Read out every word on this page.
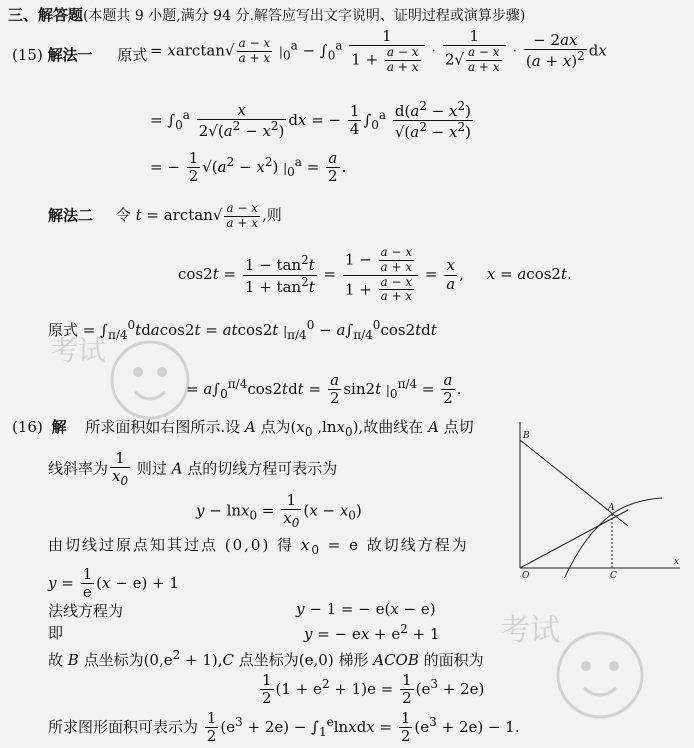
考试
考试
三、解答题(本题共 9 小题,满分 94 分.解答应写出文字说明、证明过程或演算步骤)
(15) 解法一 原式 = $xarctan√ \frac{a - x}{a + x} |_0^a - \int_0^a \frac{1}{1 + \frac{a - x}{a + x}} \cdot \frac{1}{2√ \frac{a - x}{a + x}} \cdot \frac{- 2ax}{(a + x)^2}$ dx
= $\int_0^a \frac{x}{2√(a^2 - x^2)}$ dx = − $\frac{1}{4} \int_0^a \frac{d(a^2 - x^2)}{√(a^2 - x^2)}$
= − $\frac{1}{2} √(a^2 - x^2) |_0^a = \frac{a}{2}$ .
解法二 令 $t = \arctan√ \frac{a - x}{a + x}$ ,则
$\cos 2t = \frac{1 - \tan^2t}{1 + \tan^2t} = \frac{1 - \frac{a - x}{a + x}}{1 + \frac{a - x}{a + x}} = \frac{x}{a}$ , x = acos2t.
原式 = $\int_{\pi/4}^0tdacos2t = atcos2t$ $|_{\pi/4}^0 - a\int_{\pi/4}^0\cos 2tdt$
= $a\int_0^{\pi/4}\cos 2tdt = \frac{a}{2} \sin 2t$ $|_0^{\pi/4} = \frac{a}{2}$ .
(16) 解 所求面积如右图所示.设 A 点为($x_0$ ,lnx$_0$),故曲线在 A 点切
线斜率为 $\frac{1}{x_0}$ 则过 A 点的切线方程可表示为
$y - \ln x_0 = \frac{1}{x_0} (x - x_0)$
由切线过原点知其过点 (0,0) 得 $x_0 = e$ 故切线方程为
$y = \frac{1}{e} (x - e) + 1$
法线方程为	y − 1 = − e(x − e)
即	y = − ex + $e^2 + 1$
故 B 点坐标为$(0,e^2 + 1),C$ 点坐标为(e,0) 梯形 ACOB 的面积为
$\frac{1}{2} (1 + e^2 + 1)e = \frac{1}{2} (e^3 + 2e)$
所求图形面积可表示为 $\frac{1}{2} (e^3 + 2e)$ − $\int_1^elnxdx = \frac{1}{2} (e^3 + 2e) - 1$.
B
A
O	C
x
